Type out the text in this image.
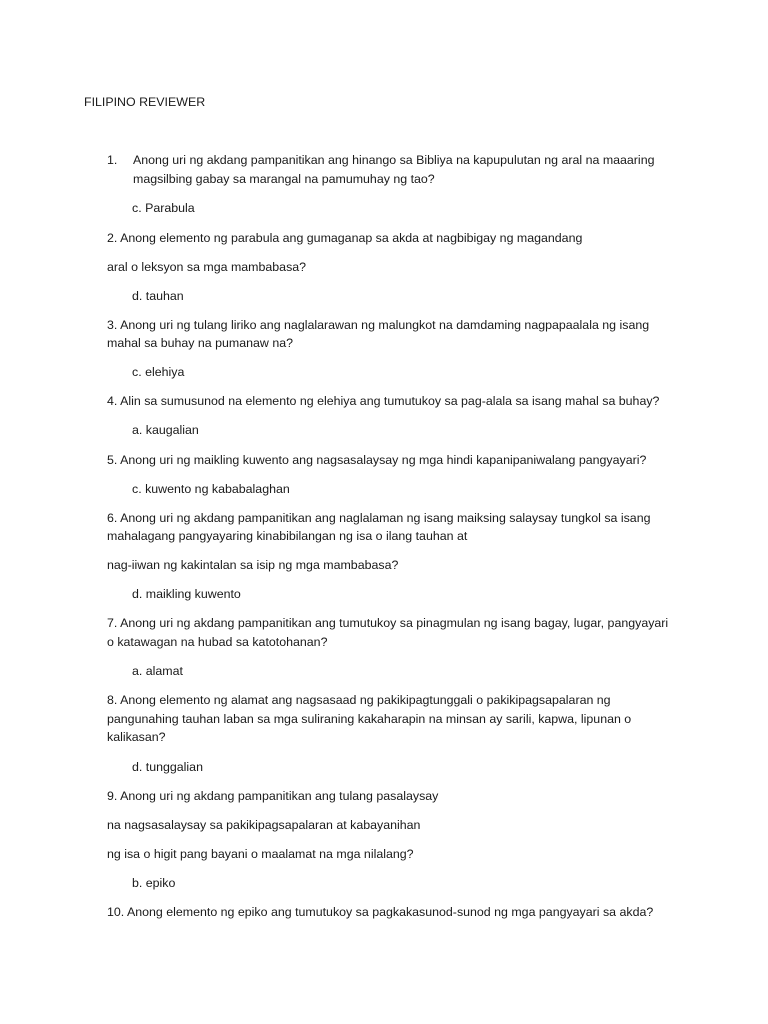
FILIPINO REVIEWER
1. Anong uri ng akdang pampanitikan ang hinango sa Bibliya na kapupulutan ng aral na maaaring
magsilbing gabay sa marangal na pamumuhay ng tao?
c. Parabula
2. Anong elemento ng parabula ang gumaganap sa akda at nagbibigay ng magandang
aral o leksyon sa mga mambabasa?
d. tauhan
3. Anong uri ng tulang liriko ang naglalarawan ng malungkot na damdaming nagpapaalala ng isang
mahal sa buhay na pumanaw na?
c. elehiya
4. Alin sa sumusunod na elemento ng elehiya ang tumutukoy sa pag-alala sa isang mahal sa buhay?
a. kaugalian
5. Anong uri ng maikling kuwento ang nagsasalaysay ng mga hindi kapanipaniwalang pangyayari?
c. kuwento ng kababalaghan
6. Anong uri ng akdang pampanitikan ang naglalaman ng isang maiksing salaysay tungkol sa isang
mahalagang pangyayaring kinabibilangan ng isa o ilang tauhan at
nag-iiwan ng kakintalan sa isip ng mga mambabasa?
d. maikling kuwento
7. Anong uri ng akdang pampanitikan ang tumutukoy sa pinagmulan ng isang bagay, lugar, pangyayari
o katawagan na hubad sa katotohanan?
a. alamat
8. Anong elemento ng alamat ang nagsasaad ng pakikipagtunggali o pakikipagsapalaran ng
pangunahing tauhan laban sa mga suliraning kakaharapin na minsan ay sarili, kapwa, lipunan o
kalikasan?
d. tunggalian
9. Anong uri ng akdang pampanitikan ang tulang pasalaysay
na nagsasalaysay sa pakikipagsapalaran at kabayanihan
ng isa o higit pang bayani o maalamat na mga nilalang?
b. epiko
10. Anong elemento ng epiko ang tumutukoy sa pagkakasunod-sunod ng mga pangyayari sa akda?
